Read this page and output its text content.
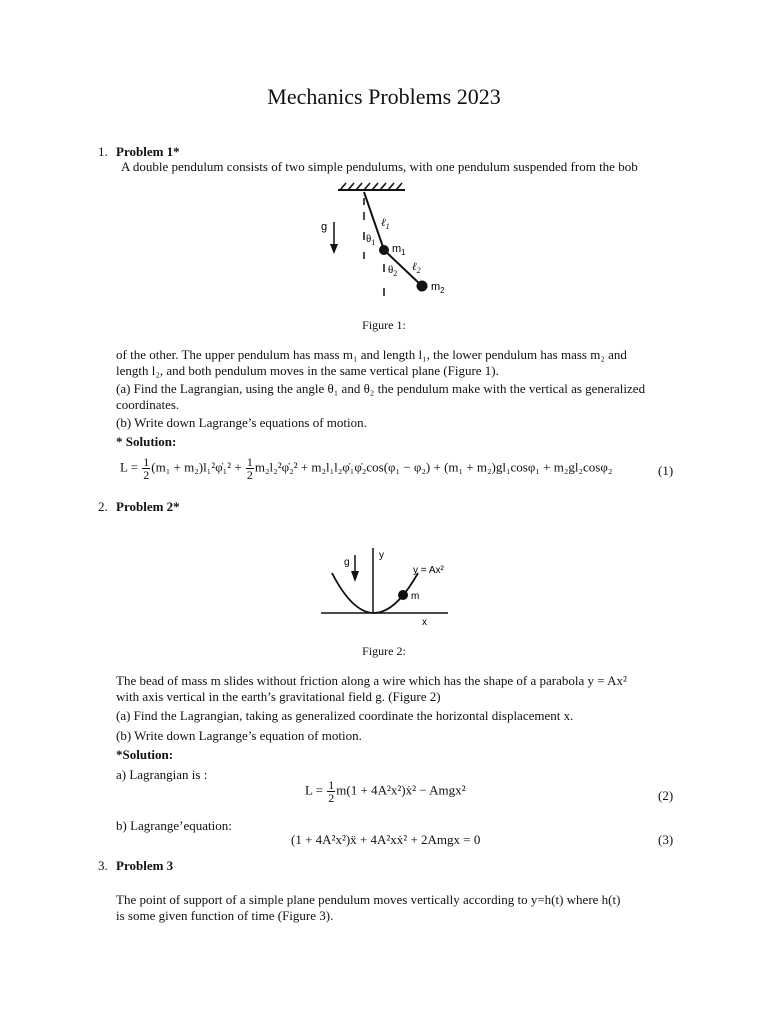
Mechanics Problems 2023
1. Problem 1*
A double pendulum consists of two simple pendulums, with one pendulum suspended from the bob
g	ℓ$_1$
$\theta_1$
$m_1$
$\theta_2$
ℓ$_2$
$m_2$
Figure 1:
of the other. The upper pendulum has mass m₁ and length l₁, the lower pendulum has mass m₂ and
length l₂, and both pendulum moves in the same vertical plane (Figure 1).
(a) Find the Lagrangian, using the angle θ₁ and θ₂ the pendulum make with the vertical as generalized
coordinates.
(b) Write down Lagrange’s equations of motion.
* Solution:
$L = \frac{1}{2} (m_1$ + m₂)l₁²φ̇₁² + $\frac{1}{2}$ m₂l₂²φ̇₂² + m₂l₁l₂φ̇₁φ̇₂cos(φ₁ − φ₂) + (m₁ + m₂)gl₁cosφ₁ + m₂gl₂cosφ₂	(1)
2. Problem 2*
g
y
y = Ax²
m
x
Figure 2:
The bead of mass m slides without friction along a wire which has the shape of a parabola y = Ax²
with axis vertical in the earth’s gravitational field g. (Figure 2)
(a) Find the Lagrangian, taking as generalized coordinate the horizontal displacement x.
(b) Write down Lagrange’s equation of motion.
*Solution:
a) Lagrangian is :
$L = \frac{1}{2} m(1$ + 4A²x²)ẋ² − Amgx²	(2)
b) Lagrange’equation:
(1 + 4A²x²)ẍ + 4A²xẋ² + 2Amgx = 0	(3)
3. Problem 3
The point of support of a simple plane pendulum moves vertically according to y=h(t) where h(t)
is some given function of time (Figure 3).
